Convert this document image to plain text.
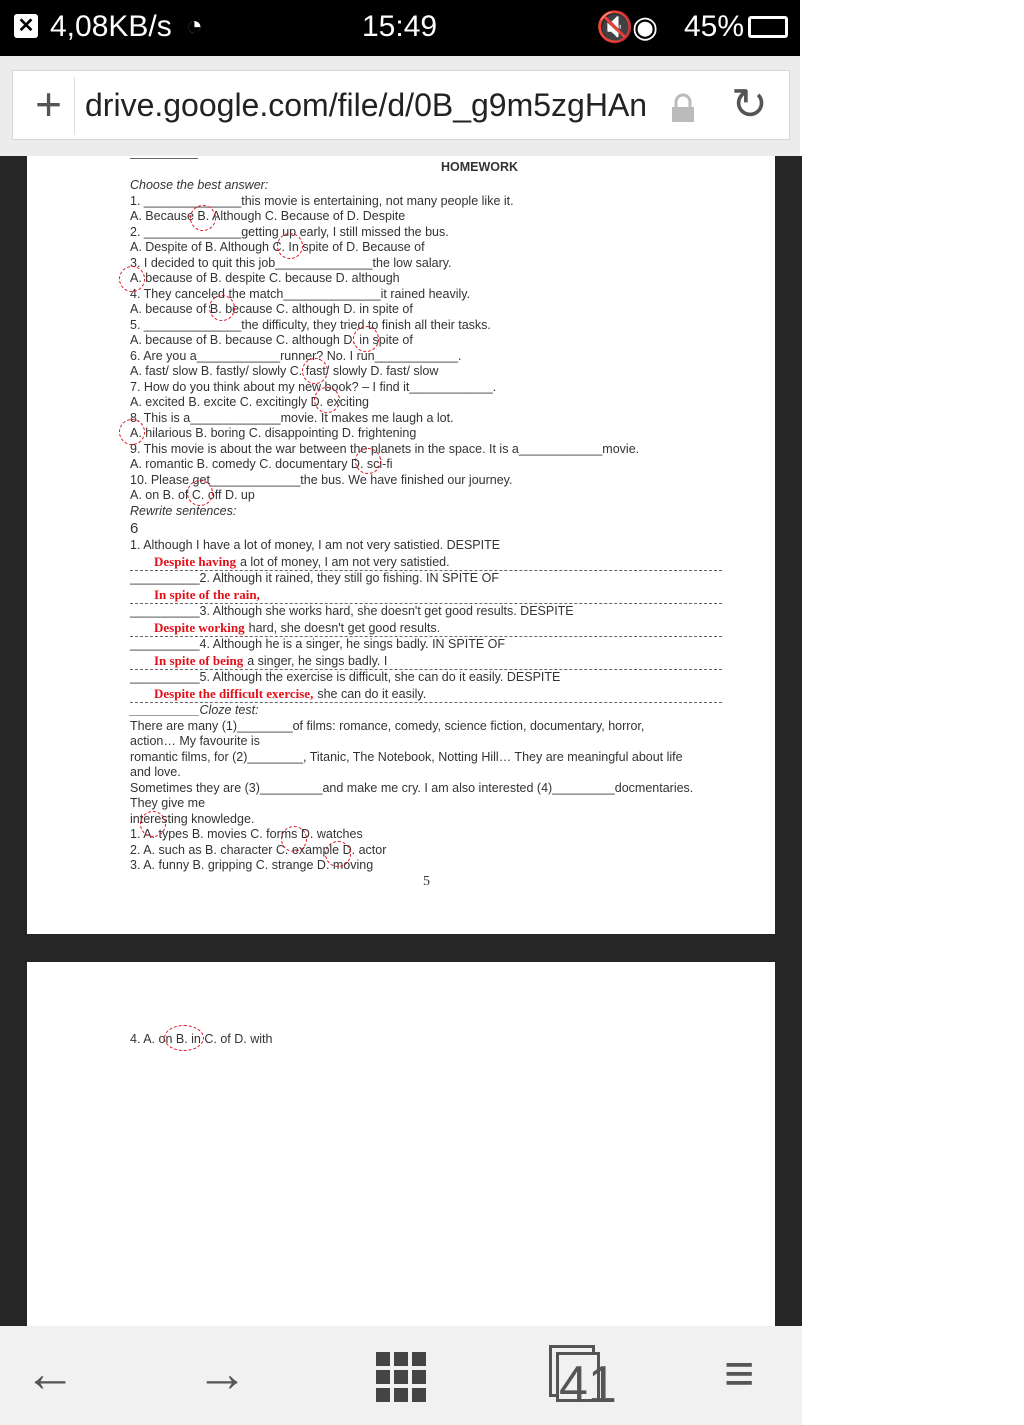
✕ 4,08KB/s ◔	15:49	🔇
◉ 45%
+ drive.google.com/file/d/0B_g9m5zgHAn ↻
HOMEWORK
Choose the best answer:
1. ______________this movie is entertaining, not many people like it.
A. Because B. Although C. Because of D. Despite
2. ______________getting up early, I still missed the bus.
A. Despite of B. Although C. In spite of D. Because of
3. I decided to quit this job______________the low salary.
A. because of B. despite C. because D. although
4. They canceled the match______________it rained heavily.
A. because of B. because C. although D. in spite of
5. ______________the difficulty, they tried to finish all their tasks.
A. because of B. because C. although D. in spite of
6. Are you a____________runner? No. I run____________.
A. fast/ slow B. fastly/ slowly C. fast/ slowly D. fast/ slow
7. How do you think about my new book? – I find it____________.
A. excited B. excite C. excitingly D. exciting
8. This is a_____________movie. It makes me laugh a lot.
A. hilarious B. boring C. disappointing D. frightening
9. This movie is about the war between the planets in the space. It is a____________movie.
A. romantic B. comedy C. documentary D. sci-fi
10. Please get_____________the bus. We have finished our journey.
A. on B. of C. off D. up
Rewrite sentences:
6
1. Although I have a lot of money, I am not very satistied. DESPITE
Despite having a lot of money, I am not very satistied.
__________2. Although it rained, they still go fishing. IN SPITE OF
In spite of the rain,
__________3. Although she works hard, she doesn't get good results. DESPITE
Despite working hard, she doesn't get good results.
__________4. Although he is a singer, he sings badly. IN SPITE OF
In spite of being a singer, he sings badly. I
__________5. Although the exercise is difficult, she can do it easily. DESPITE
Despite the difficult exercise, she can do it easily.
__________Cloze test:
There are many (1)________of films: romance, comedy, science fiction, documentary, horror,
action… My favourite is
romantic films, for (2)________, Titanic, The Notebook, Notting Hill… They are meaningful about life
and love.
Sometimes they are (3)_________and make me cry. I am also interested (4)_________docmentaries.
They give me
interesting knowledge.
1. A. types B. movies C. forms D. watches
2. A. such as B. character C. example D. actor
3. A. funny B. gripping C. strange D. moving
5
4. A. on B. in C. of D. with
← →	41 ≡
